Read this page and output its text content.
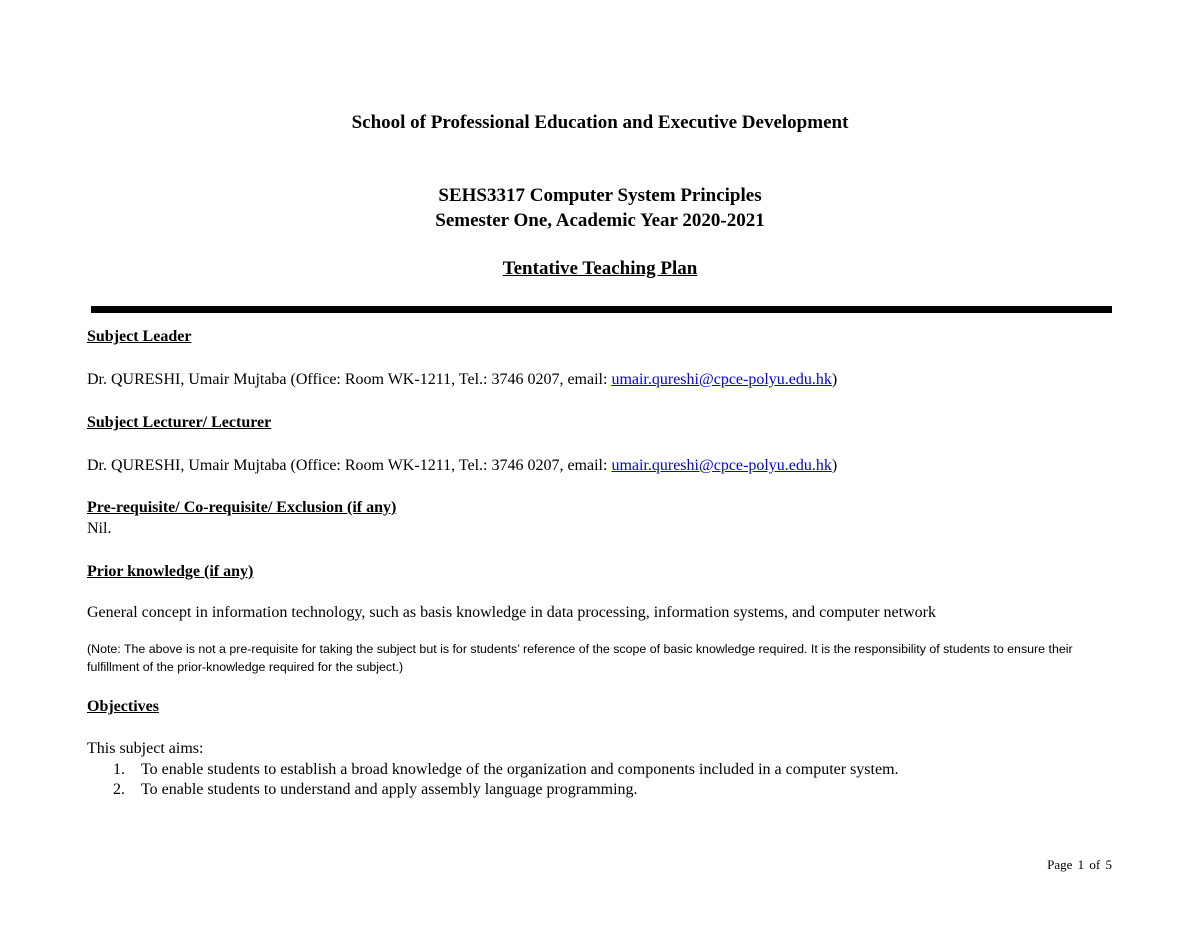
School of Professional Education and Executive Development
SEHS3317 Computer System Principles
Semester One, Academic Year 2020-2021
Tentative Teaching Plan
Subject Leader
Dr. QURESHI, Umair Mujtaba (Office: Room WK-1211, Tel.: 3746 0207, email: umair.qureshi@cpce-polyu.edu.hk)
Subject Lecturer/ Lecturer
Dr. QURESHI, Umair Mujtaba (Office: Room WK-1211, Tel.: 3746 0207, email: umair.qureshi@cpce-polyu.edu.hk)
Pre-requisite/ Co-requisite/ Exclusion (if any)
Nil.
Prior knowledge (if any)
General concept in information technology, such as basis knowledge in data processing, information systems, and computer network
(Note: The above is not a pre-requisite for taking the subject but is for students’ reference of the scope of basic knowledge required. It is the responsibility of students to ensure their fulfillment of the prior-knowledge required for the subject.)
Objectives
This subject aims:
1. To enable students to establish a broad knowledge of the organization and components included in a computer system.
2. To enable students to understand and apply assembly language programming.
Page 1 of 5
